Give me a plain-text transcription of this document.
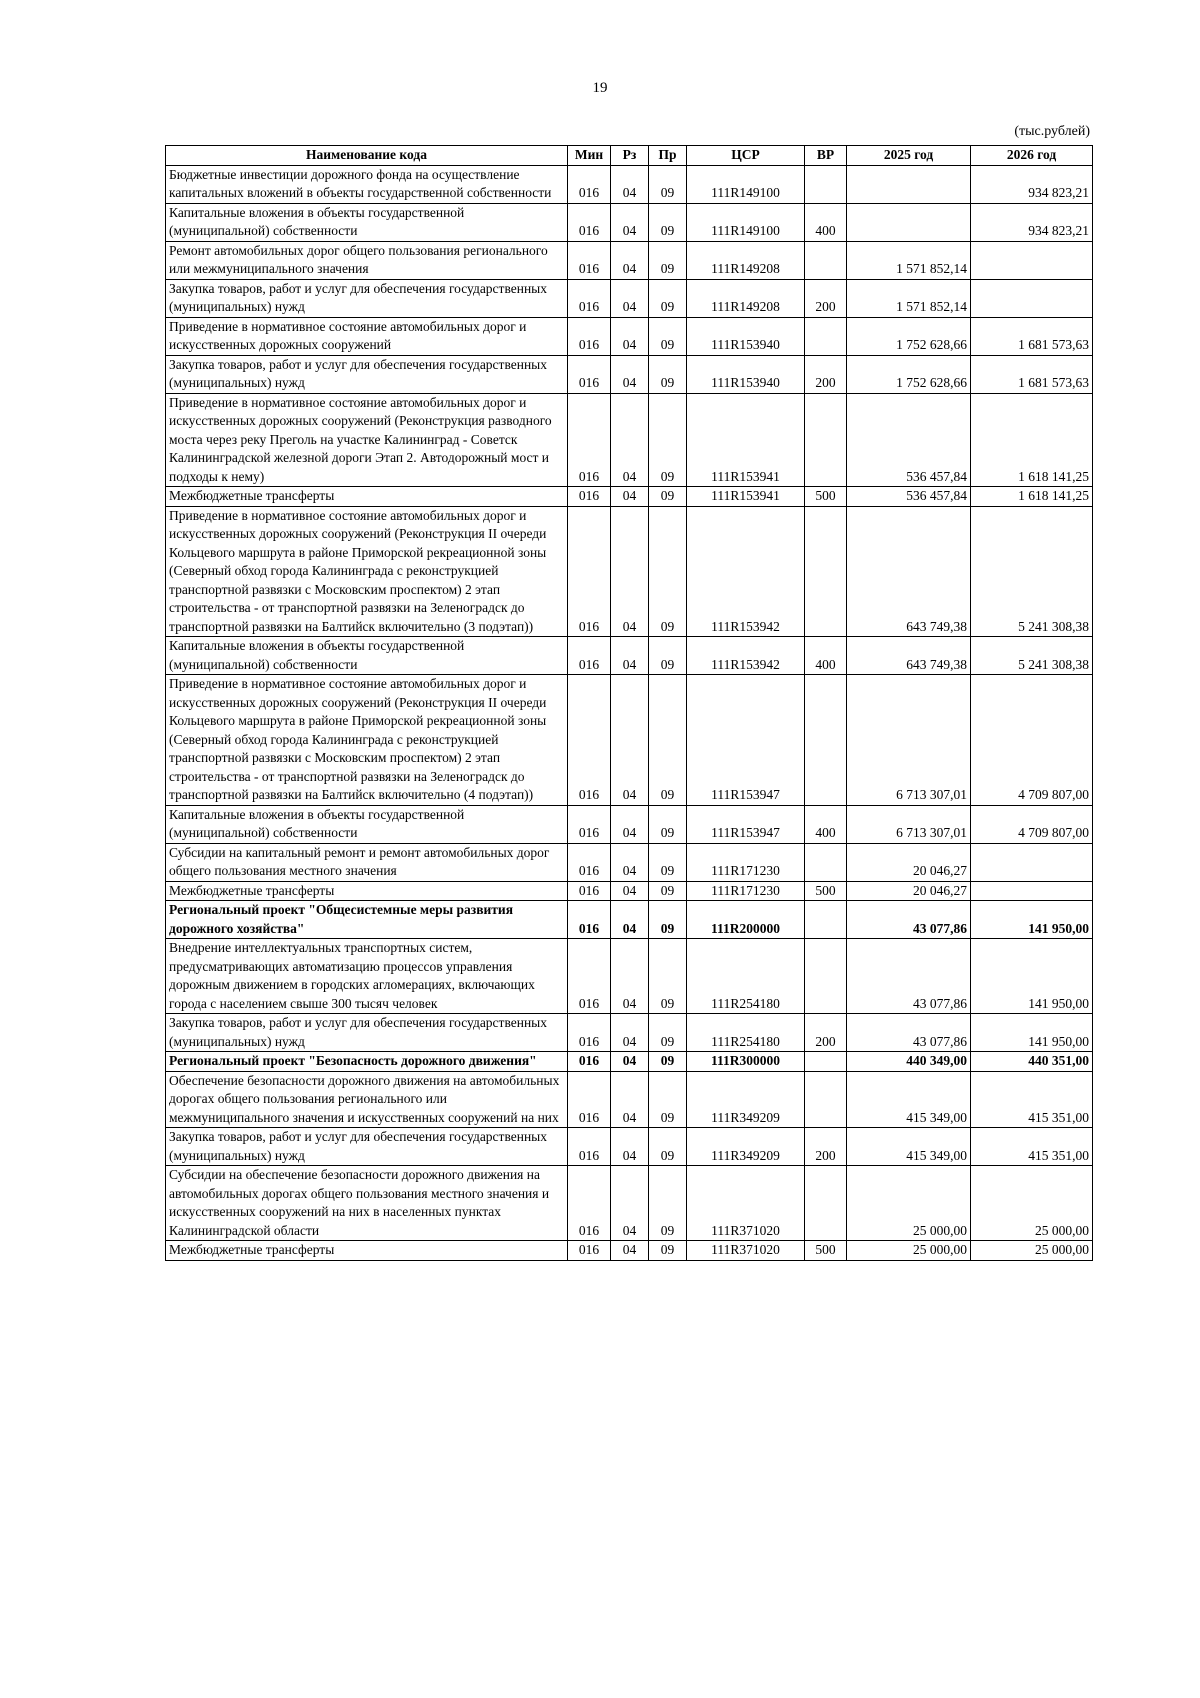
19
(тыс.рублей)
Наименование кода	Мин	Рз	Пр	ЦСР	ВР	2025 год	2026 год
Бюджетные инвестиции дорожного фонда на осуществление капитальных вложений в объекты государственной собственности	016	04	09	111R149100			934 823,21
Капитальные вложения в объекты государственной (муниципальной) собственности	016	04	09	111R149100	400		934 823,21
Ремонт автомобильных дорог общего пользования регионального или межмуниципального значения	016	04	09	111R149208		1 571 852,14	
Закупка товаров, работ и услуг для обеспечения государственных (муниципальных) нужд	016	04	09	111R149208	200	1 571 852,14	
Приведение в нормативное состояние автомобильных дорог и искусственных дорожных сооружений	016	04	09	111R153940		1 752 628,66	1 681 573,63
Закупка товаров, работ и услуг для обеспечения государственных (муниципальных) нужд	016	04	09	111R153940	200	1 752 628,66	1 681 573,63
Приведение в нормативное состояние автомобильных дорог и искусственных дорожных сооружений (Реконструкция разводного моста через реку Преголь на участке Калининград - Советск Калининградской железной дороги Этап 2. Автодорожный мост и подходы к нему)	016	04	09	111R153941		536 457,84	1 618 141,25
Межбюджетные трансферты	016	04	09	111R153941	500	536 457,84	1 618 141,25
Приведение в нормативное состояние автомобильных дорог и искусственных дорожных сооружений (Реконструкция II очереди Кольцевого маршрута в районе Приморской рекреационной зоны (Северный обход города Калининграда с реконструкцией транспортной развязки с Московским проспектом) 2 этап строительства - от транспортной развязки на Зеленоградск до транспортной развязки на Балтийск включительно (3 подэтап))	016	04	09	111R153942		643 749,38	5 241 308,38
Капитальные вложения в объекты государственной (муниципальной) собственности	016	04	09	111R153942	400	643 749,38	5 241 308,38
Приведение в нормативное состояние автомобильных дорог и искусственных дорожных сооружений (Реконструкция II очереди Кольцевого маршрута в районе Приморской рекреационной зоны (Северный обход города Калининграда с реконструкцией транспортной развязки с Московским проспектом) 2 этап строительства - от транспортной развязки на Зеленоградск до транспортной развязки на Балтийск включительно (4 подэтап))	016	04	09	111R153947		6 713 307,01	4 709 807,00
Капитальные вложения в объекты государственной (муниципальной) собственности	016	04	09	111R153947	400	6 713 307,01	4 709 807,00
Субсидии на капитальный ремонт и ремонт автомобильных дорог общего пользования местного значения	016	04	09	111R171230		20 046,27	
Межбюджетные трансферты	016	04	09	111R171230	500	20 046,27	
Региональный проект "Общесистемные меры развития дорожного хозяйства"	016	04	09	111R200000		43 077,86	141 950,00
Внедрение интеллектуальных транспортных систем, предусматривающих автоматизацию процессов управления дорожным движением в городских агломерациях, включающих города с населением свыше 300 тысяч человек	016	04	09	111R254180		43 077,86	141 950,00
Закупка товаров, работ и услуг для обеспечения государственных (муниципальных) нужд	016	04	09	111R254180	200	43 077,86	141 950,00
Региональный проект "Безопасность дорожного движения"	016	04	09	111R300000		440 349,00	440 351,00
Обеспечение безопасности дорожного движения на автомобильных дорогах общего пользования регионального или межмуниципального значения и искусственных сооружений на них	016	04	09	111R349209		415 349,00	415 351,00
Закупка товаров, работ и услуг для обеспечения государственных (муниципальных) нужд	016	04	09	111R349209	200	415 349,00	415 351,00
Субсидии на обеспечение безопасности дорожного движения на автомобильных дорогах общего пользования местного значения и искусственных сооружений на них в населенных пунктах Калининградской области	016	04	09	111R371020		25 000,00	25 000,00
Межбюджетные трансферты	016	04	09	111R371020	500	25 000,00	25 000,00
